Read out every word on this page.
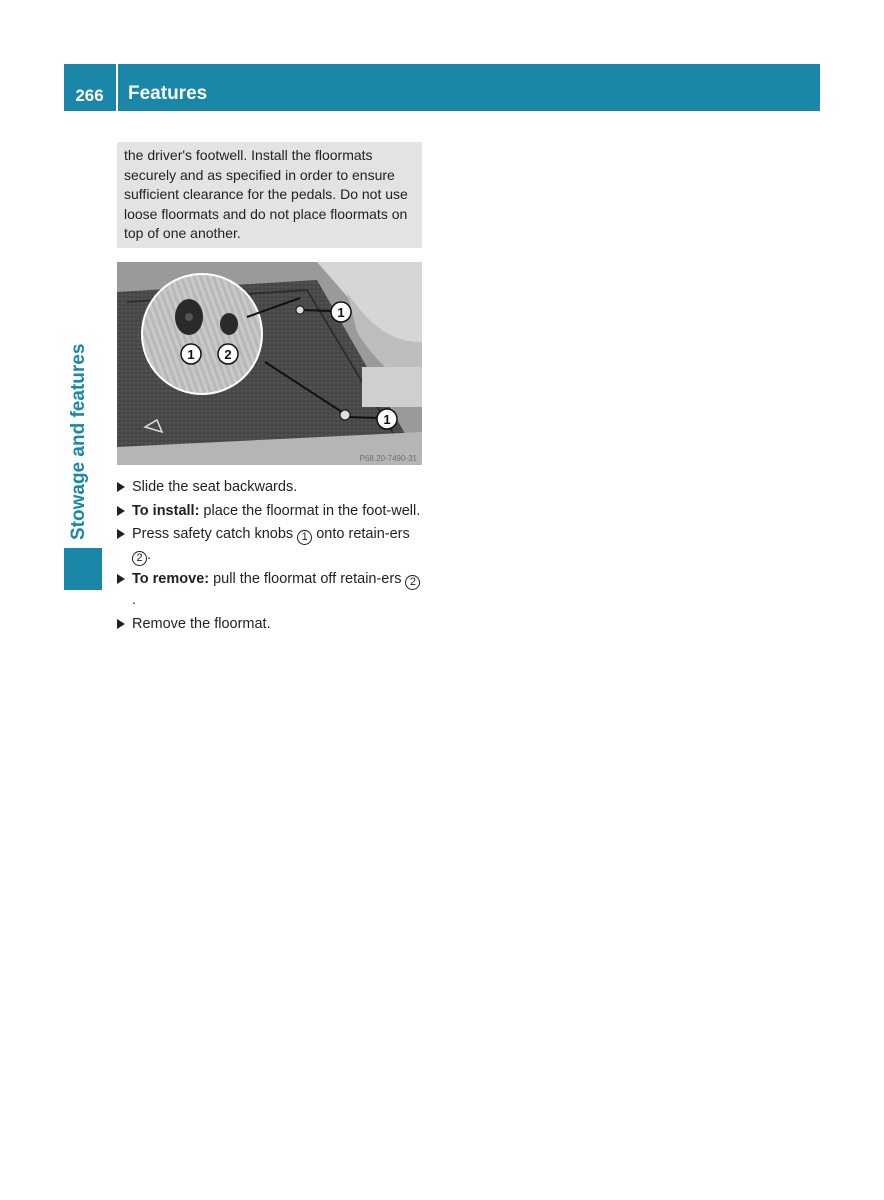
266	Features
Stowage and features
the driver's footwell. Install the floormats securely and as specified in order to ensure sufficient clearance for the pedals. Do not use loose floormats and do not place floormats on top of one another.
1 2
1
1
P68.20-7490-31
Slide the seat backwards.
To install: place the floormat in the foot-well.
Press safety catch knobs 1 onto retain-ers 2 .
To remove: pull the floormat off retain-ers 2.
Remove the floormat.
